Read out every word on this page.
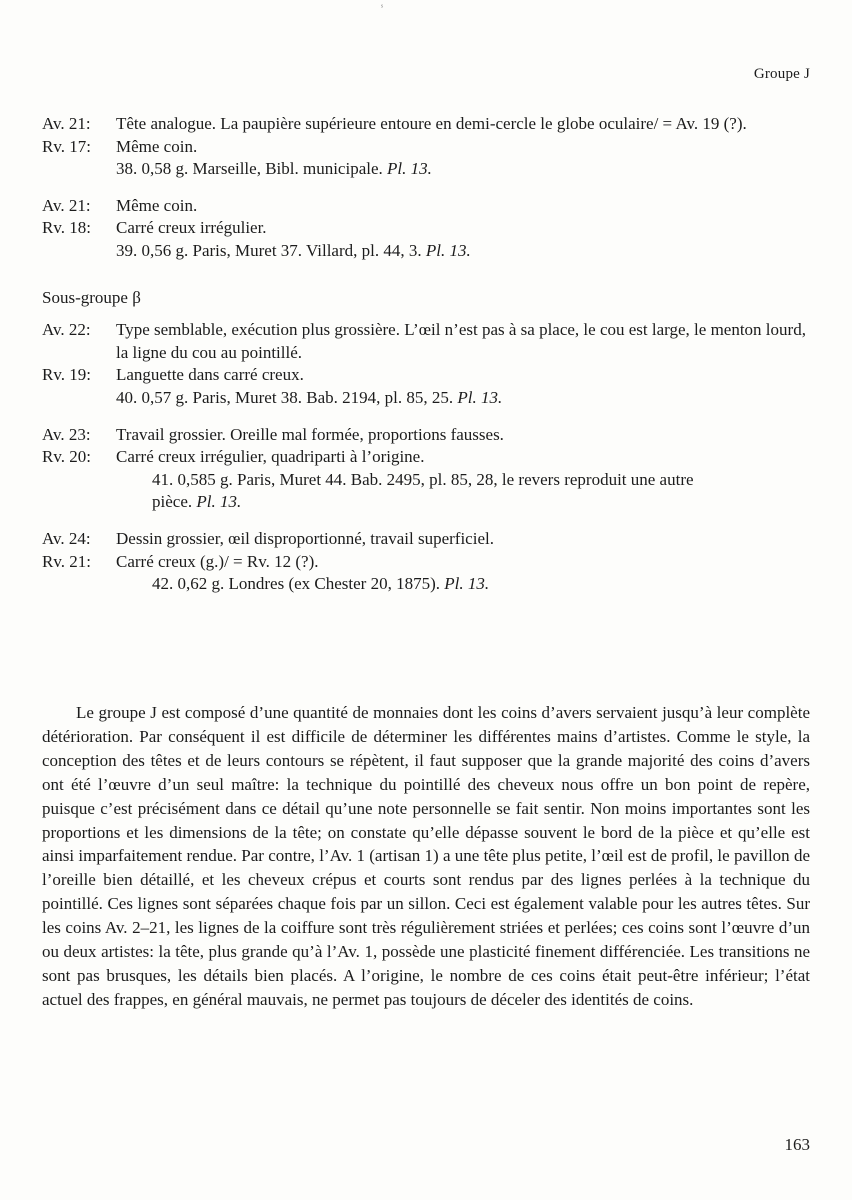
ˢ
Groupe J
Av. 21:	Tête analogue. La paupière supérieure entoure en demi-cercle le globe oculaire/ = Av. 19 (?).
Rv. 17:	Même coin.
38. 0,58 g. Marseille, Bibl. municipale. Pl. 13.
Av. 21:	Même coin.
Rv. 18:	Carré creux irrégulier.
39. 0,56 g. Paris, Muret 37. Villard, pl. 44, 3. Pl. 13.
Sous-groupe β
Av. 22:	Type semblable, exécution plus grossière. L’œil n’est pas à sa place, le cou est large, le menton lourd, la ligne du cou au pointillé.
Rv. 19:	Languette dans carré creux.
40. 0,57 g. Paris, Muret 38. Bab. 2194, pl. 85, 25. Pl. 13.
Av. 23:	Travail grossier. Oreille mal formée, proportions fausses.
Rv. 20:	Carré creux irrégulier, quadriparti à l’origine.
41. 0,585 g. Paris, Muret 44. Bab. 2495, pl. 85, 28, le revers reproduit une autre
pièce. Pl. 13.
Av. 24:	Dessin grossier, œil disproportionné, travail superficiel.
Rv. 21:	Carré creux (g.)/ = Rv. 12 (?).
42. 0,62 g. Londres (ex Chester 20, 1875). Pl. 13.

Le groupe J est composé d’une quantité de monnaies dont les coins d’avers servaient jusqu’à leur complète détérioration. Par conséquent il est difficile de déterminer les différentes mains d’artistes. Comme le style, la conception des têtes et de leurs contours se répètent, il faut supposer que la grande majorité des coins d’avers ont été l’œuvre d’un seul maître: la technique du pointillé des cheveux nous offre un bon point de repère, puisque c’est précisément dans ce détail qu’une note personnelle se fait sentir. Non moins importantes sont les proportions et les dimensions de la tête; on constate qu’elle dépasse souvent le bord de la pièce et qu’elle est ainsi imparfaitement rendue. Par contre, l’Av. 1 (artisan 1) a une tête plus petite, l’œil est de profil, le pavillon de l’oreille bien détaillé, et les cheveux crépus et courts sont rendus par des lignes perlées à la technique du pointillé. Ces lignes sont séparées chaque fois par un sillon. Ceci est également valable pour les autres têtes. Sur les coins Av. 2–21, les lignes de la coiffure sont très régulièrement striées et perlées; ces coins sont l’œuvre d’un ou deux artistes: la tête, plus grande qu’à l’Av. 1, possède une plasticité finement différenciée. Les transitions ne sont pas brusques, les détails bien placés. A l’origine, le nombre de ces coins était peut-être inférieur; l’état actuel des frappes, en général mauvais, ne permet pas toujours de déceler des identités de coins.

163
